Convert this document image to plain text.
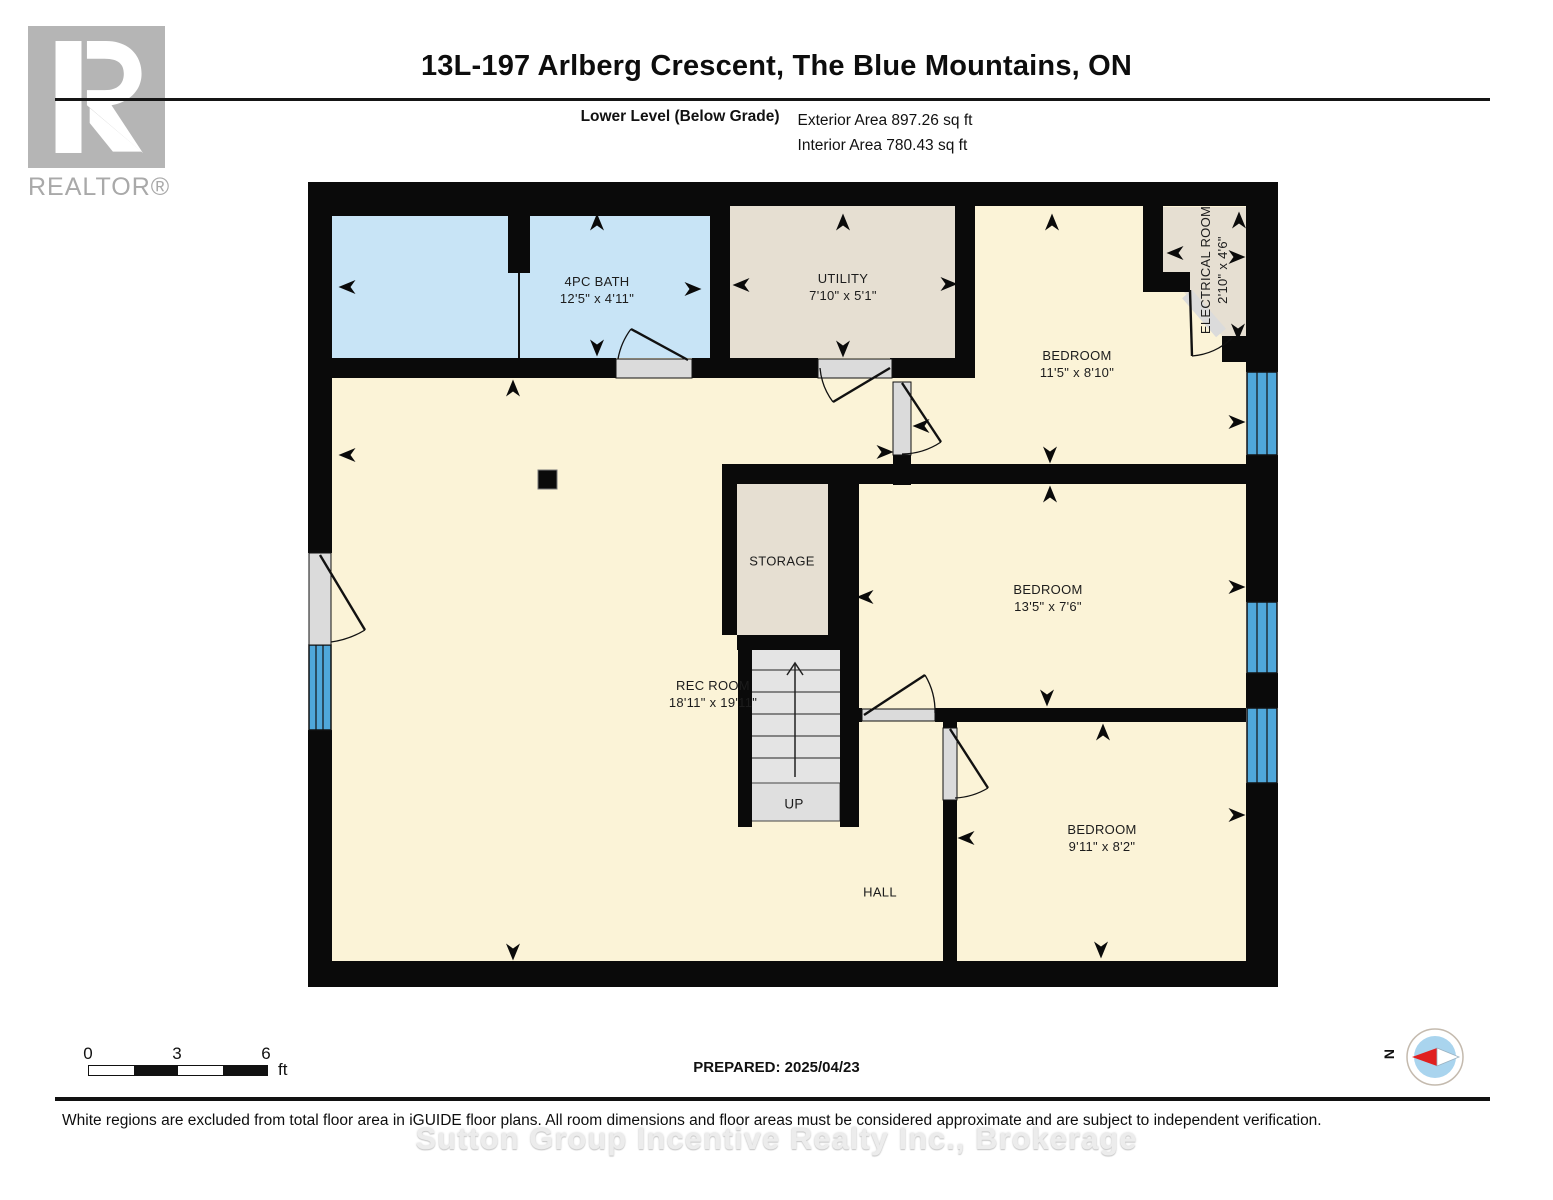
REALTOR®
13L-197 Arlberg Crescent, The Blue Mountains, ON
Lower Level (Below Grade) Exterior Area 897.26 sq ft
Interior Area 780.43 sq ft
4PC BATH
12'5" x 4'11"
UTILITY
7'10" x 5'1"
BEDROOM
11'5" x 8'10"
ELECTRICAL ROOM 2'10" x 4'6"
STORAGE
BEDROOM
13'5" x 7'6"
REC ROOM
18'11" x 19'11"
UP
HALL
BEDROOM
9'11" x 8'2"
0	3	6
ft	PREPARED: 2025/04/23
N
White regions are excluded from total floor area in iGUIDE floor plans. All room dimensions and floor areas must be considered approximate and are subject to independent verification.
Sutton Group Incentive Realty Inc., Brokerage
